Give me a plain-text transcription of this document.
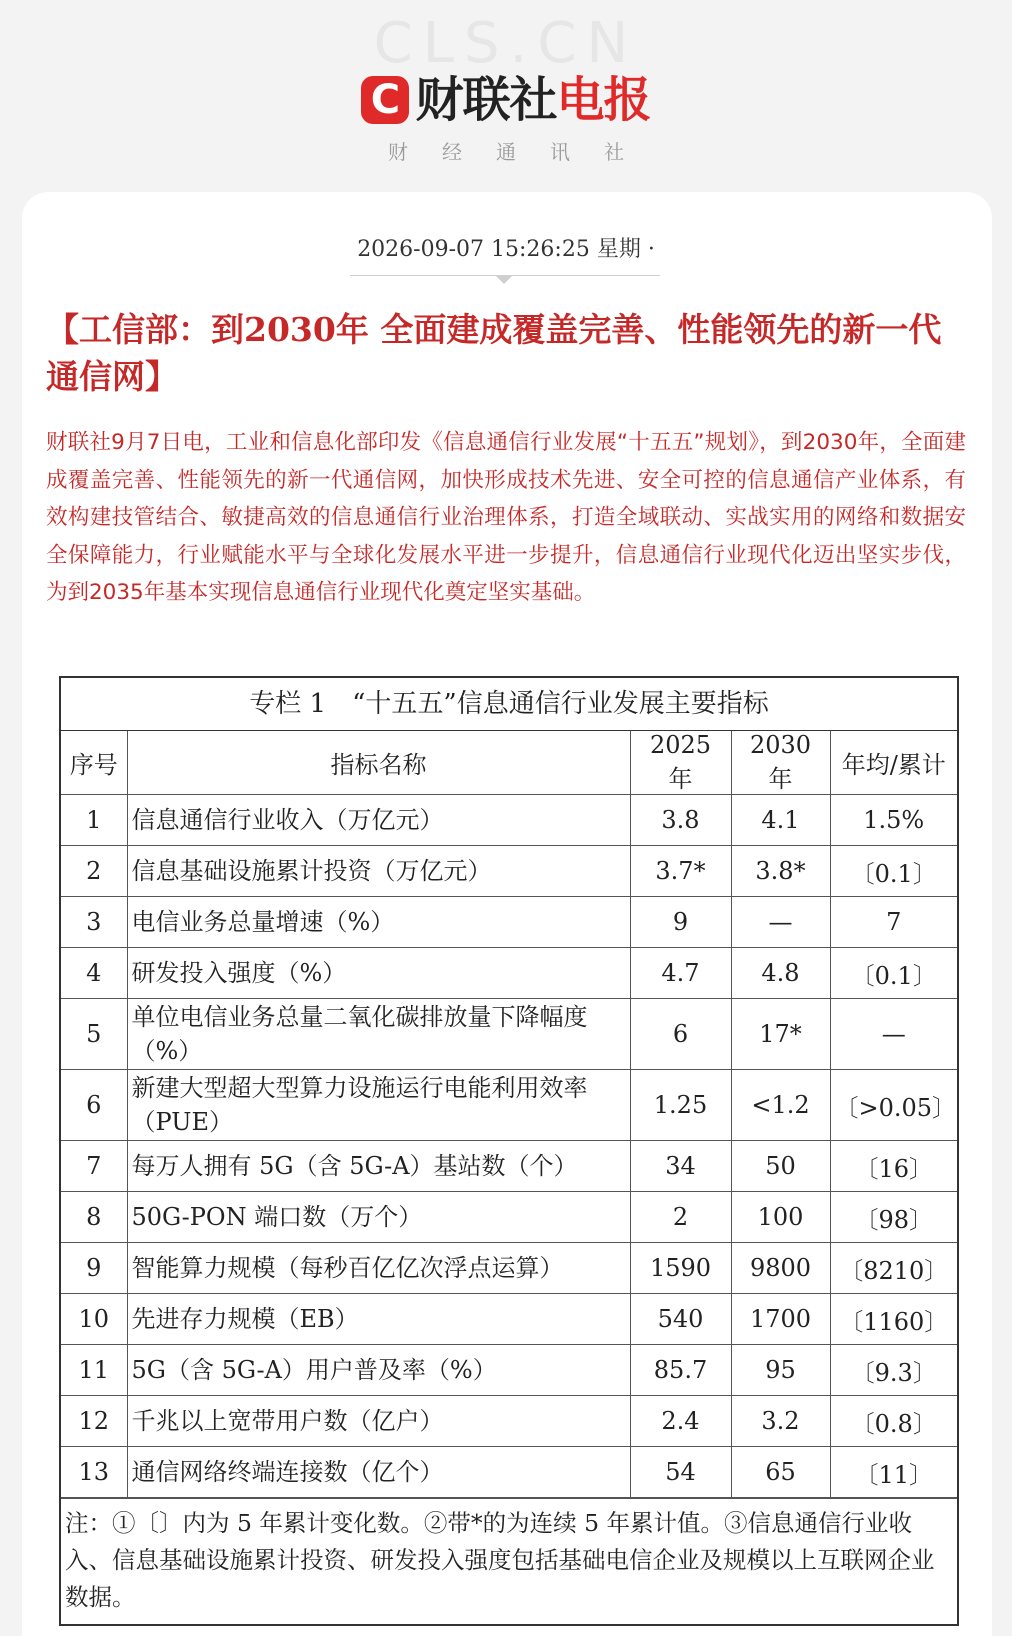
CLS.CN
C 财联社电报
财经通讯社
2026-09-07 15:26:25 星期 ·
【工信部：到2030年 全面建成覆盖完善、性能领先的新一代通信网】
财联社9月7日电，工业和信息化部印发《信息通信行业发展“十五五”规划》，到2030年，全面建成覆盖完善、性能领先的新一代通信网，加快形成技术先进、安全可控的信息通信产业体系，有效构建技管结合、敏捷高效的信息通信行业治理体系，打造全域联动、实战实用的网络和数据安全保障能力，行业赋能水平与全球化发展水平进一步提升，信息通信行业现代化迈出坚实步伐，为到2035年基本实现信息通信行业现代化奠定坚实基础。
专栏 1　“十五五”信息通信行业发展主要指标
序号	指标名称	2025 年	2030 年	年均/累计
1	信息通信行业收入（万亿元）	3.8	4.1	1.5%
2	信息基础设施累计投资（万亿元）	3.7*	3.8*	〔0.1〕
3	电信业务总量增速（%）	9	—	7
4	研发投入强度（%）	4.7	4.8	〔0.1〕
5	单位电信业务总量二氧化碳排放量下降幅度（%）	6	17*	—
6	新建大型超大型算力设施运行电能利用效率（PUE）	1.25	<1.2	〔>0.05〕
7	每万人拥有 5G（含 5G-A）基站数（个）	34	50	〔16〕
8	50G-PON 端口数（万个）	2	100	〔98〕
9	智能算力规模（每秒百亿亿次浮点运算）	1590	9800	〔8210〕
10	先进存力规模（EB）	540	1700	〔1160〕
11	5G（含 5G-A）用户普及率（%）	85.7	95	〔9.3〕
12	千兆以上宽带用户数（亿户）	2.4	3.2	〔0.8〕
13	通信网络终端连接数（亿个）	54	65	〔11〕
注：①〔〕内为 5 年累计变化数。②带*的为连续 5 年累计值。③信息通信行业收入、信息基础设施累计投资、研发投入强度包括基础电信企业及规模以上互联网企业数据。
